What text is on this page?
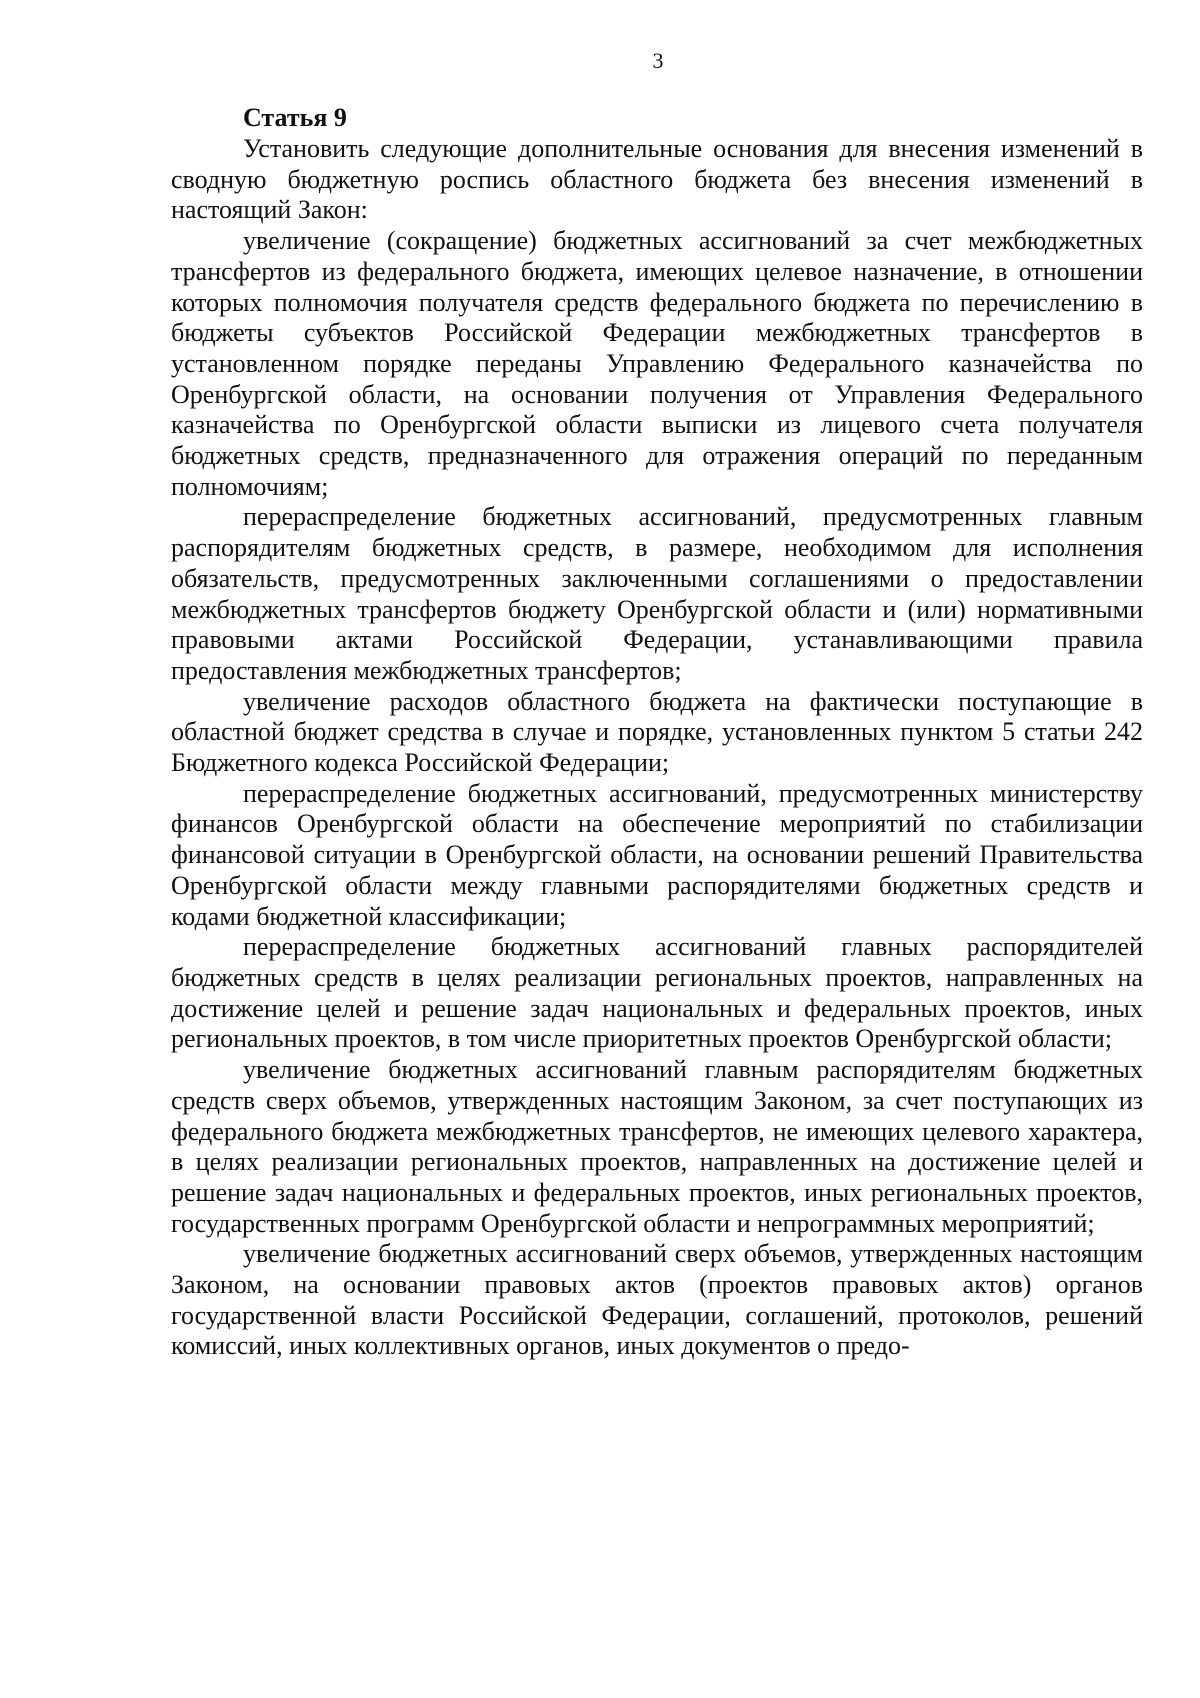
3

Статья 9

Установить следующие дополнительные основания для внесения изменений в сводную бюджетную роспись областного бюджета без внесения изменений в настоящий Закон:

увеличение (сокращение) бюджетных ассигнований за счет межбюджетных трансфертов из федерального бюджета, имеющих целевое назначение, в отношении которых полномочия получателя средств федерального бюджета по перечислению в бюджеты субъектов Российской Федерации межбюджетных трансфертов в установленном порядке переданы Управлению Федерального казначейства по Оренбургской области, на основании получения от Управления Федерального казначейства по Оренбургской области выписки из лицевого счета получателя бюджетных средств, предназначенного для отражения операций по переданным полномочиям;

перераспределение бюджетных ассигнований, предусмотренных главным распорядителям бюджетных средств, в размере, необходимом для исполнения обязательств, предусмотренных заключенными соглашениями о предоставлении межбюджетных трансфертов бюджету Оренбургской области и (или) нормативными правовыми актами Российской Федерации, устанавливающими правила предоставления межбюджетных трансфертов;

увеличение расходов областного бюджета на фактически поступающие в областной бюджет средства в случае и порядке, установленных пунктом 5 статьи 242 Бюджетного кодекса Российской Федерации;

перераспределение бюджетных ассигнований, предусмотренных министерству финансов Оренбургской области на обеспечение мероприятий по стабилизации финансовой ситуации в Оренбургской области, на основании решений Правительства Оренбургской области между главными распорядителями бюджетных средств и кодами бюджетной классификации;

перераспределение бюджетных ассигнований главных распорядителей бюджетных средств в целях реализации региональных проектов, направленных на достижение целей и решение задач национальных и федеральных проектов, иных региональных проектов, в том числе приоритетных проектов Оренбургской области;

увеличение бюджетных ассигнований главным распорядителям бюджетных средств сверх объемов, утвержденных настоящим Законом, за счет поступающих из федерального бюджета межбюджетных трансфертов, не имеющих целевого характера, в целях реализации региональных проектов, направленных на достижение целей и решение задач национальных и федеральных проектов, иных региональных проектов, государственных программ Оренбургской области и непрограммных мероприятий;

увеличение бюджетных ассигнований сверх объемов, утвержденных настоящим Законом, на основании правовых актов (проектов правовых актов) органов государственной власти Российской Федерации, соглашений, протоколов, решений комиссий, иных коллективных органов, иных документов о предо-
